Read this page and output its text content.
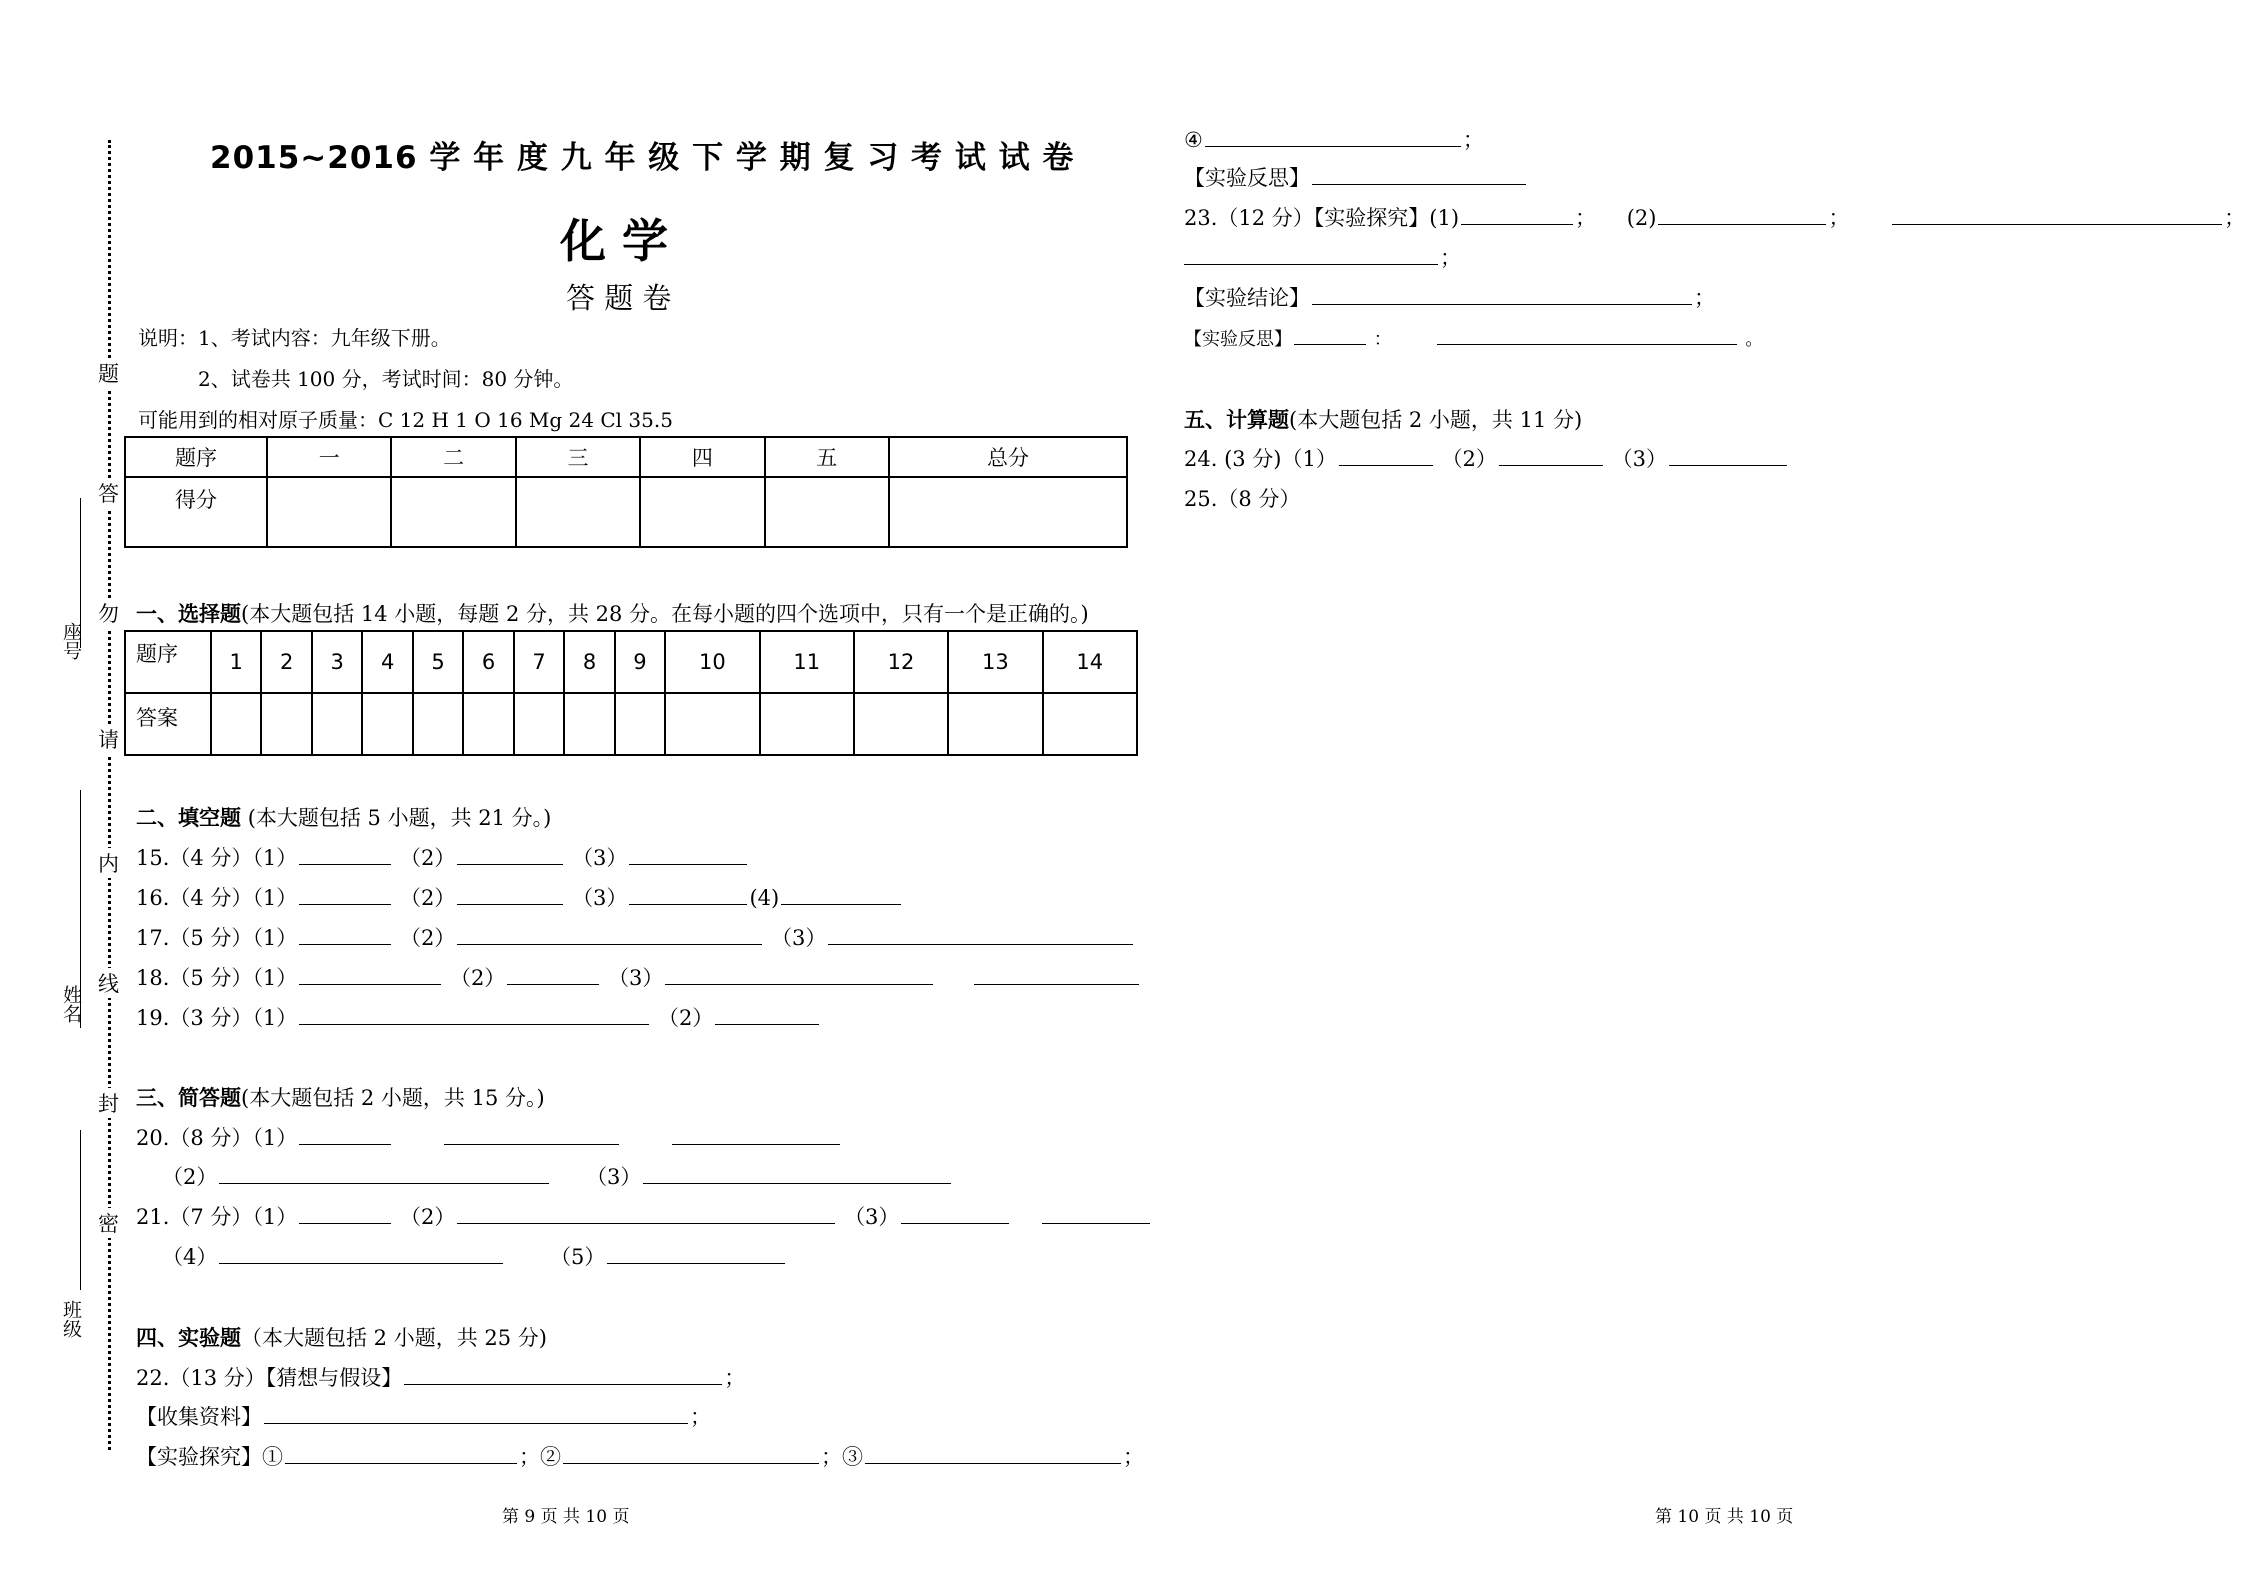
题
答
勿
请
内
线
封
密
座号
姓名
班级
2015~2016 学 年 度 九 年 级 下 学 期 复 习 考 试 试 卷
化 学
答 题 卷
说明：1、考试内容：九年级下册。
2、试卷共 100 分，考试时间：80 分钟。
可能用到的相对原子质量：C 12 H 1 O 16 Mg 24 Cl 35.5
题序	一	二	三	四	五	总分
得分						
一、选择题(本大题包括 14 小题，每题 2 分，共 28 分。在每小题的四个选项中，只有一个是正确的。)
题序	1	2	3	4	5	6	7	8	9	10	11	12	13	14
答案														
二、填空题 (本大题包括 5 小题，共 21 分。)
15.（4 分）（1）	（2）	（3）
16.（4 分）（1）	（2）	（3）	(4)
17.（5 分）（1）	（2）	（3）
18.（5 分）（1）	（2）	（3）
19.（3 分）（1）	（2）
三、简答题(本大题包括 2 小题，共 15 分。)
20.（8 分）（1）
（2）	（3）
21.（7 分）（1）	（2）	（3）
（4）	（5）
四、实验题（本大题包括 2 小题，共 25 分)
22.（13 分）【猜想与假设】	；
【收集资料】	；
【实验探究】①	；②	；③	；
第 9 页 共 10 页
④	；
【实验反思】
23.（12 分）【实验探究】(1)	； (2)	；	；
；
【实验结论】	；
【实验反思】	：	。
五、计算题(本大题包括 2 小题，共 11 分)
24. (3 分)（1）	（2）	（3）
25.（8 分）
第 10 页 共 10 页
